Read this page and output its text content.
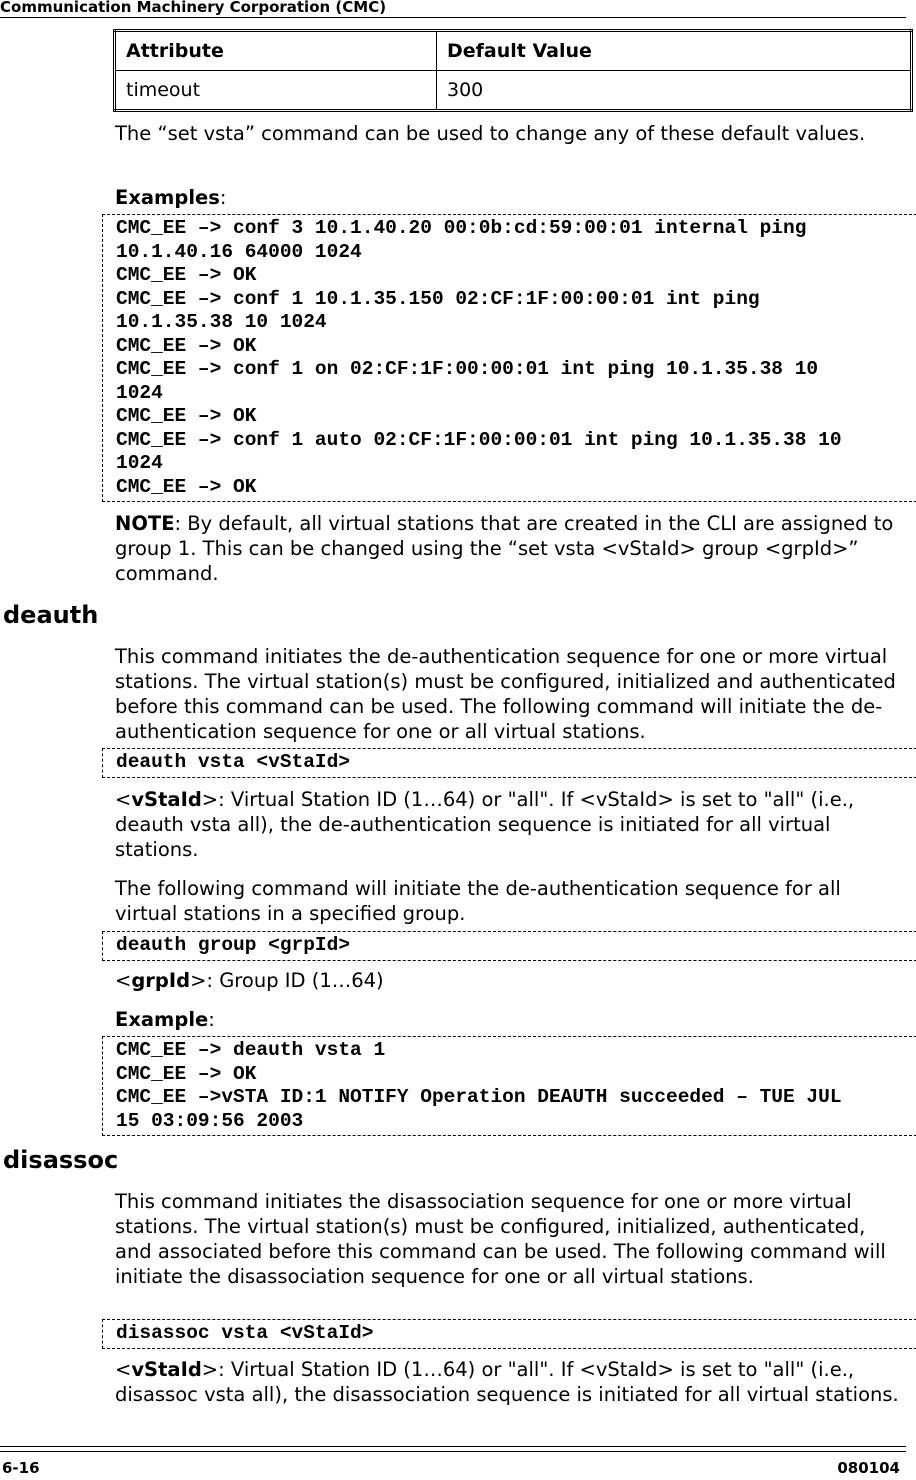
Communication Machinery Corporation (CMC)
Attribute	Default Value
timeout	300

The “set vsta” command can be used to change any of these default values.

Examples:

CMC_EE –> conf 3 10.1.40.20 00:0b:cd:59:00:01 internal ping
10.1.40.16 64000 1024
CMC_EE –> OK
CMC_EE –> conf 1 10.1.35.150 02:CF:1F:00:00:01 int ping
10.1.35.38 10 1024
CMC_EE –> OK
CMC_EE –> conf 1 on 02:CF:1F:00:00:01 int ping 10.1.35.38 10
1024
CMC_EE –> OK
CMC_EE –> conf 1 auto 02:CF:1F:00:00:01 int ping 10.1.35.38 10
1024
CMC_EE –> OK

NOTE: By default, all virtual stations that are created in the CLI are assigned to group 1. This can be changed using the “set vsta <vStaId> group <grpId>” command.

deauth

This command initiates the de-authentication sequence for one or more virtual stations. The virtual station(s) must be configured, initialized and authenticated before this command can be used. The following command will initiate the de-authentication sequence for one or all virtual stations.

deauth vsta <vStaId>

<vStaId>: Virtual Station ID (1…64) or "all". If <vStaId> is set to "all" (i.e., deauth vsta all), the de-authentication sequence is initiated for all virtual stations.

The following command will initiate the de-authentication sequence for all virtual stations in a specified group.

deauth group <grpId>

<grpId>: Group ID (1…64)

Example:

CMC_EE –> deauth vsta 1
CMC_EE –> OK
CMC_EE –>vSTA ID:1 NOTIFY Operation DEAUTH succeeded – TUE JUL
15 03:09:56 2003
disassoc

This command initiates the disassociation sequence for one or more virtual stations. The virtual station(s) must be configured, initialized, authenticated, and associated before this command can be used. The following command will initiate the disassociation sequence for one or all virtual stations.

disassoc vsta <vStaId>

<vStaId>: Virtual Station ID (1…64) or "all". If <vStaId> is set to "all" (i.e., disassoc vsta all), the disassociation sequence is initiated for all virtual stations.

6-16	080104
